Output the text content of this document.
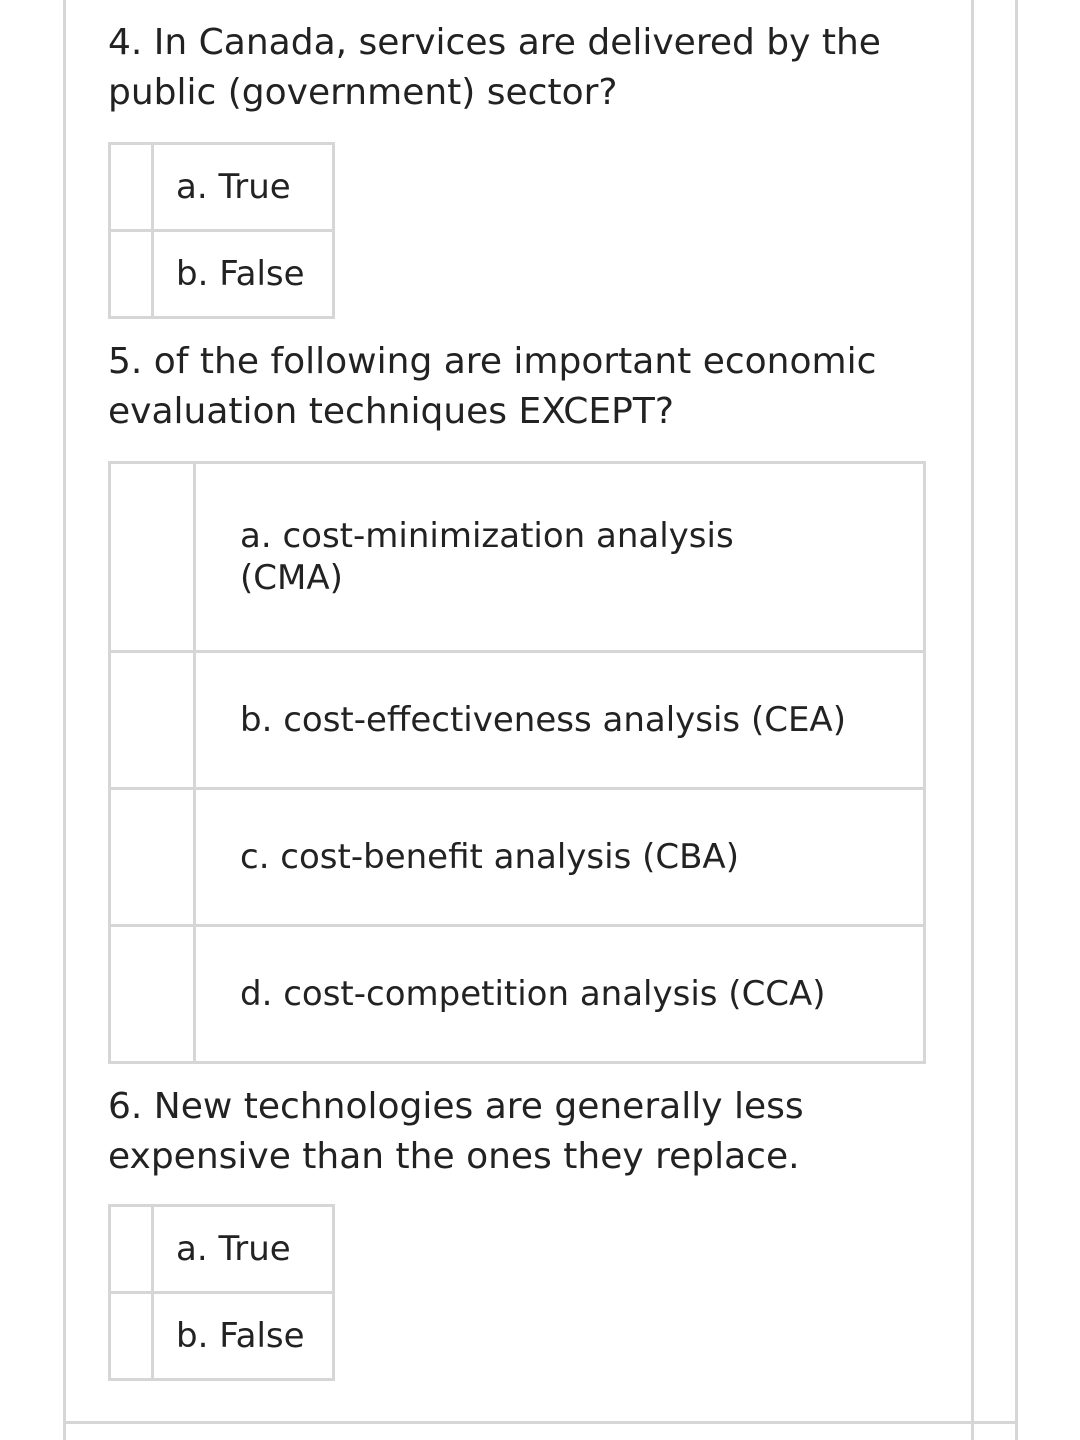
4. In Canada, services are delivered by the public (government) sector?

	a. True
	b. False

5. of the following are important economic evaluation techniques EXCEPT?

	a. cost-minimization analysis (CMA)
	b. cost-effectiveness analysis (CEA)
	c. cost-benefit analysis (CBA)
	d. cost-competition analysis (CCA)

6. New technologies are generally less expensive than the ones they replace.

	a. True
	b. False
